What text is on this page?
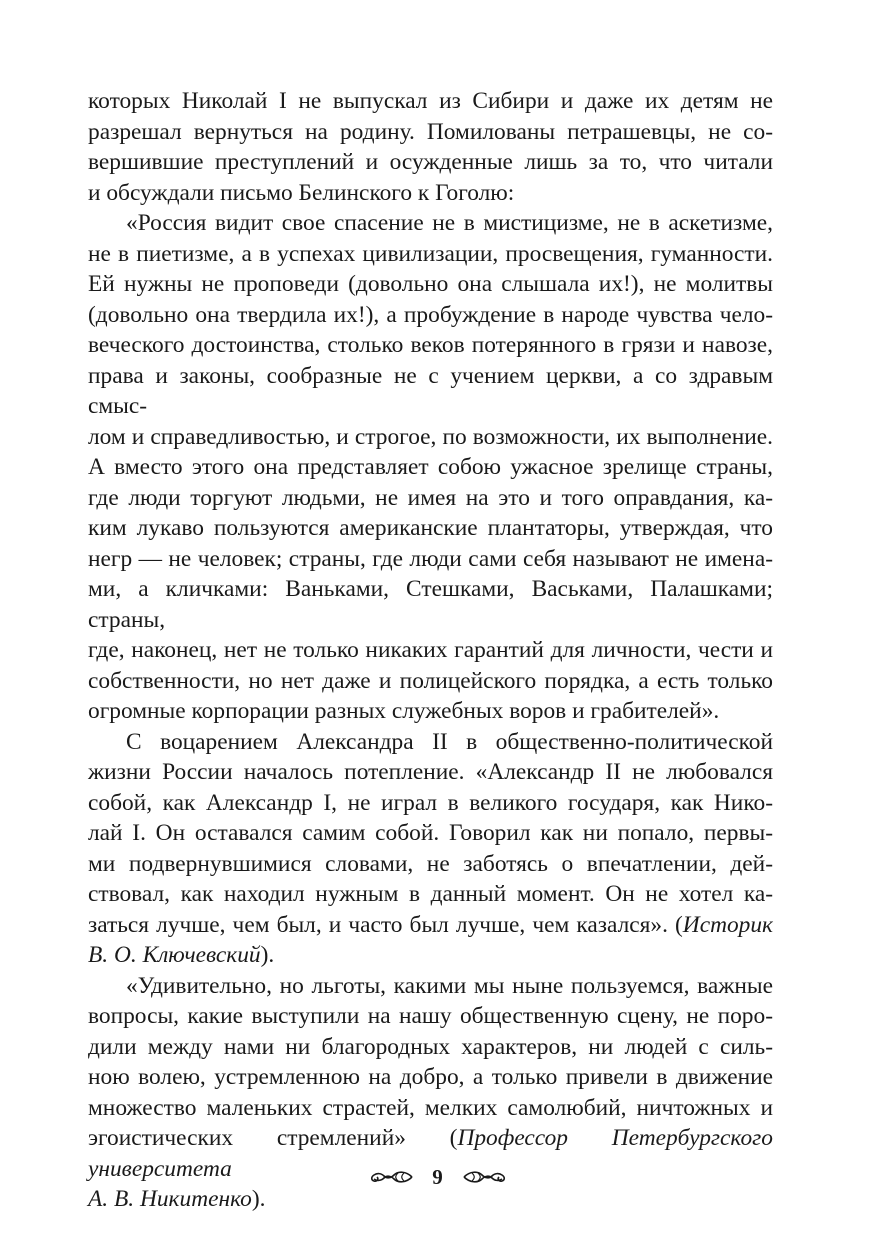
которых Николай I не выпускал из Сибири и даже их детям не
разрешал вернуться на родину. Помилованы петрашевцы, не со-
вершившие преступлений и осужденные лишь за то, что читали
и обсуждали письмо Белинского к Гоголю:

«Россия видит свое спасение не в мистицизме, не в аскетизме,
не в пиетизме, а в успехах цивилизации, просвещения, гуманности.
Ей нужны не проповеди (довольно она слышала их!), не молитвы
(довольно она твердила их!), а пробуждение в народе чувства чело-
веческого достоинства, столько веков потерянного в грязи и навозе,
права и законы, сообразные не с учением церкви, а со здравым смыс-
лом и справедливостью, и строгое, по возможности, их выполнение.
А вместо этого она представляет собою ужасное зрелище страны,
где люди торгуют людьми, не имея на это и того оправдания, ка-
ким лукаво пользуются американские плантаторы, утверждая, что
негр — не человек; страны, где люди сами себя называют не имена-
ми, а кличками: Ваньками, Стешками, Васьками, Палашками; страны,
где, наконец, нет не только никаких гарантий для личности, чести и
собственности, но нет даже и полицейского порядка, а есть только
огромные корпорации разных служебных воров и грабителей».

С воцарением Александра II в общественно-политической
жизни России началось потепление. «Александр II не любовался
собой, как Александр I, не играл в великого государя, как Нико-
лай I. Он оставался самим собой. Говорил как ни попало, первы-
ми подвернувшимися словами, не заботясь о впечатлении, дей-
ствовал, как находил нужным в данный момент. Он не хотел ка-
заться лучше, чем был, и часто был лучше, чем казался». (Историк
В. О. Ключевский).

«Удивительно, но льготы, какими мы ныне пользуемся, важные
вопросы, какие выступили на нашу общественную сцену, не поро-
дили между нами ни благородных характеров, ни людей с силь-
ною волею, устремленною на добро, а только привели в движение
множество маленьких страстей, мелких самолюбий, ничтожных и
эгоистических стремлений» (Профессор Петербургского университета
А. В. Никитенко).

9
